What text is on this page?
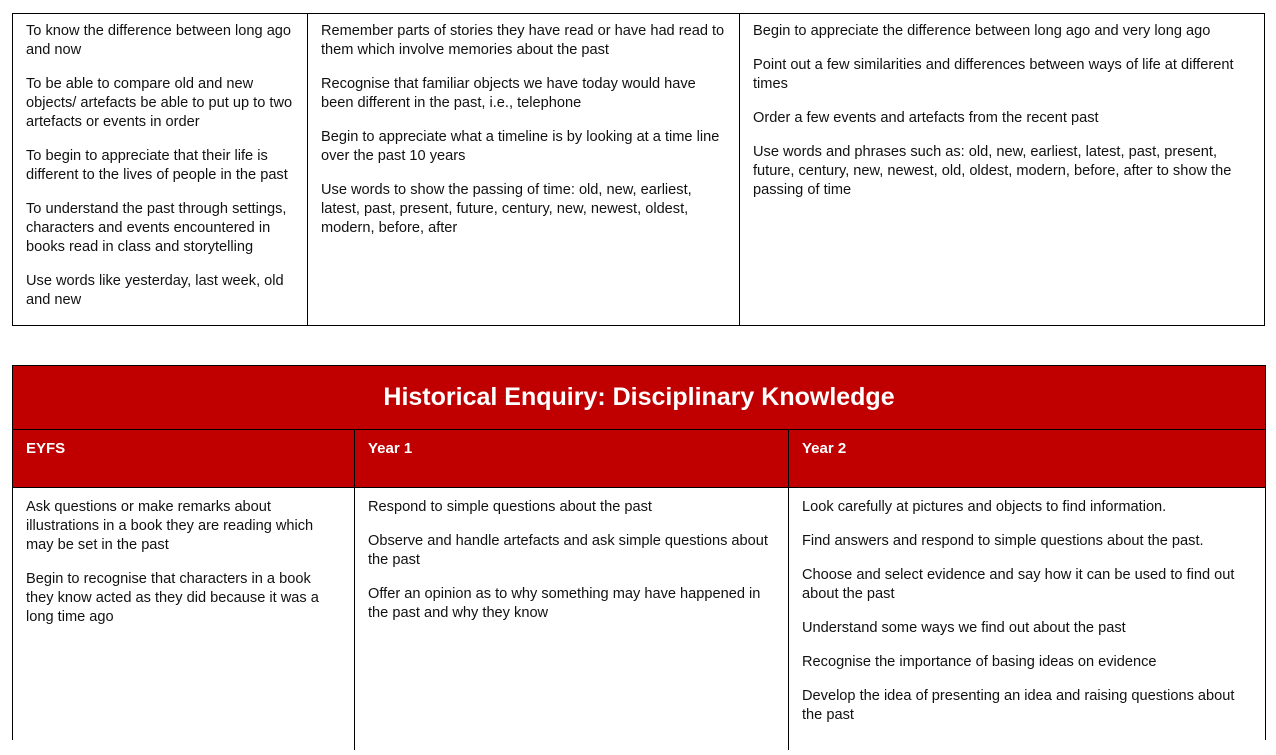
To know the difference between long ago and now

To be able to compare old and new objects/ artefacts be able to put up to two artefacts or events in order

To begin to appreciate that their life is different to the lives of people in the past

To understand the past through settings, characters and events encountered in books read in class and storytelling

Use words like yesterday, last week, old and new

Remember parts of stories they have read or have had read to them which involve memories about the past

Recognise that familiar objects we have today would have been different in the past, i.e., telephone

Begin to appreciate what a timeline is by looking at a time line over the past 10 years

Use words to show the passing of time: old, new, earliest, latest, past, present, future, century, new, newest, oldest, modern, before, after

Begin to appreciate the difference between long ago and very long ago

Point out a few similarities and differences between ways of life at different times

Order a few events and artefacts from the recent past

Use words and phrases such as: old, new, earliest, latest, past, present, future, century, new, newest, old, oldest, modern, before, after to show the passing of time

Historical Enquiry: Disciplinary Knowledge
EYFS	Year 1	Year 2

Ask questions or make remarks about illustrations in a book they are reading which may be set in the past

Begin to recognise that characters in a book they know acted as they did because it was a long time ago

Respond to simple questions about the past

Observe and handle artefacts and ask simple questions about the past

Offer an opinion as to why something may have happened in the past and why they know

Look carefully at pictures and objects to find information.

Find answers and respond to simple questions about the past.

Choose and select evidence and say how it can be used to find out about the past

Understand some ways we find out about the past

Recognise the importance of basing ideas on evidence

Develop the idea of presenting an idea and raising questions about the past
